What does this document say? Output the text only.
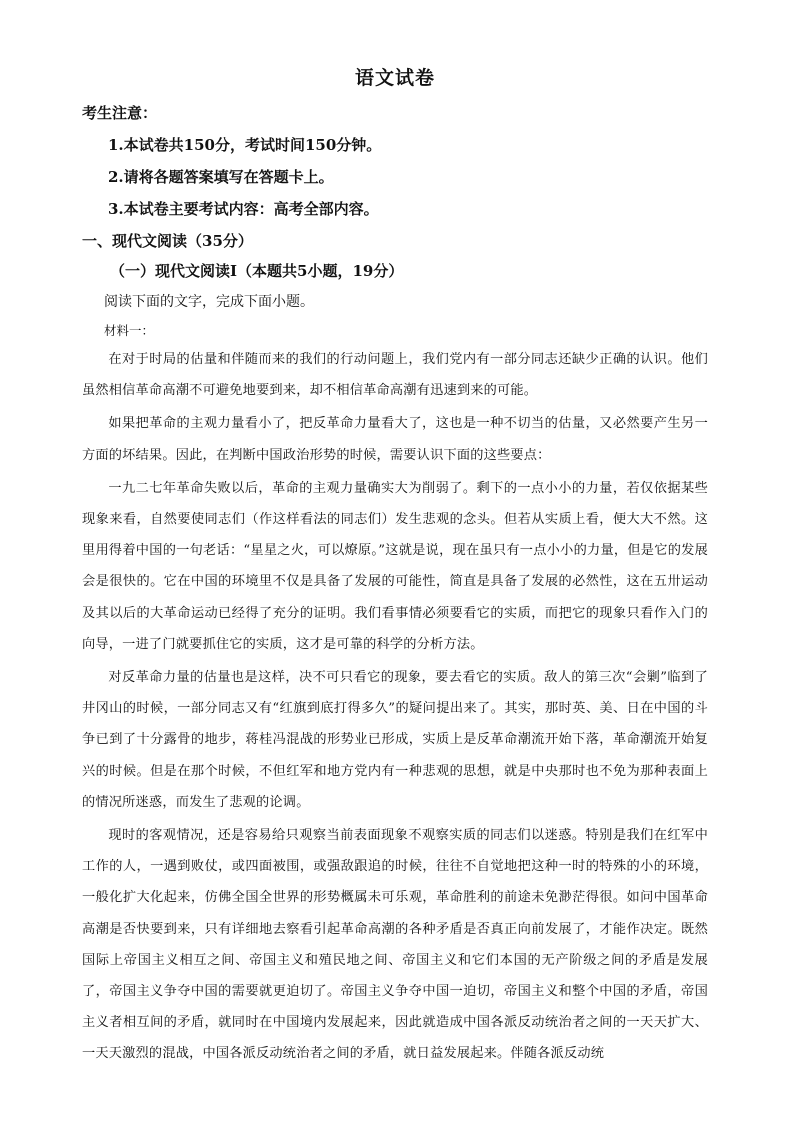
语文试卷
考生注意：
1.本试卷共150分，考试时间150分钟。
2.请将各题答案填写在答题卡上。
3.本试卷主要考试内容：高考全部内容。
一、现代文阅读（35分）
（一）现代文阅读Ⅰ（本题共5小题，19分）
阅读下面的文字，完成下面小题。
材料一：

在对于时局的估量和伴随而来的我们的行动问题上，我们党内有一部分同志还缺少正确的认识。他们虽然相信革命高潮不可避免地要到来，却不相信革命高潮有迅速到来的可能。

如果把革命的主观力量看小了，把反革命力量看大了，这也是一种不切当的估量，又必然要产生另一方面的坏结果。因此，在判断中国政治形势的时候，需要认识下面的这些要点：

一九二七年革命失败以后，革命的主观力量确实大为削弱了。剩下的一点小小的力量，若仅依据某些现象来看，自然要使同志们（作这样看法的同志们）发生悲观的念头。但若从实质上看，便大大不然。这里用得着中国的一句老话：“星星之火，可以燎原。”这就是说，现在虽只有一点小小的力量，但是它的发展会是很快的。它在中国的环境里不仅是具备了发展的可能性，简直是具备了发展的必然性，这在五卅运动及其以后的大革命运动已经得了充分的证明。我们看事情必须要看它的实质，而把它的现象只看作入门的向导，一进了门就要抓住它的实质，这才是可靠的科学的分析方法。

对反革命力量的估量也是这样，决不可只看它的现象，要去看它的实质。敌人的第三次“会剿”临到了井冈山的时候，一部分同志又有“红旗到底打得多久”的疑问提出来了。其实，那时英、美、日在中国的斗争已到了十分露骨的地步，蒋桂冯混战的形势业已形成，实质上是反革命潮流开始下落，革命潮流开始复兴的时候。但是在那个时候，不但红军和地方党内有一种悲观的思想，就是中央那时也不免为那种表面上的情况所迷惑，而发生了悲观的论调。

现时的客观情况，还是容易给只观察当前表面现象不观察实质的同志们以迷惑。特别是我们在红军中工作的人，一遇到败仗，或四面被围，或强敌跟追的时候，往往不自觉地把这种一时的特殊的小的环境，一般化扩大化起来，仿佛全国全世界的形势概属未可乐观，革命胜利的前途未免渺茫得很。如问中国革命高潮是否快要到来，只有详细地去察看引起革命高潮的各种矛盾是否真正向前发展了，才能作决定。既然国际上帝国主义相互之间、帝国主义和殖民地之间、帝国主义和它们本国的无产阶级之间的矛盾是发展了，帝国主义争夺中国的需要就更迫切了。帝国主义争夺中国一迫切，帝国主义和整个中国的矛盾，帝国主义者相互间的矛盾，就同时在中国境内发展起来，因此就造成中国各派反动统治者之间的一天天扩大、一天天激烈的混战，中国各派反动统治者之间的矛盾，就日益发展起来。伴随各派反动统
